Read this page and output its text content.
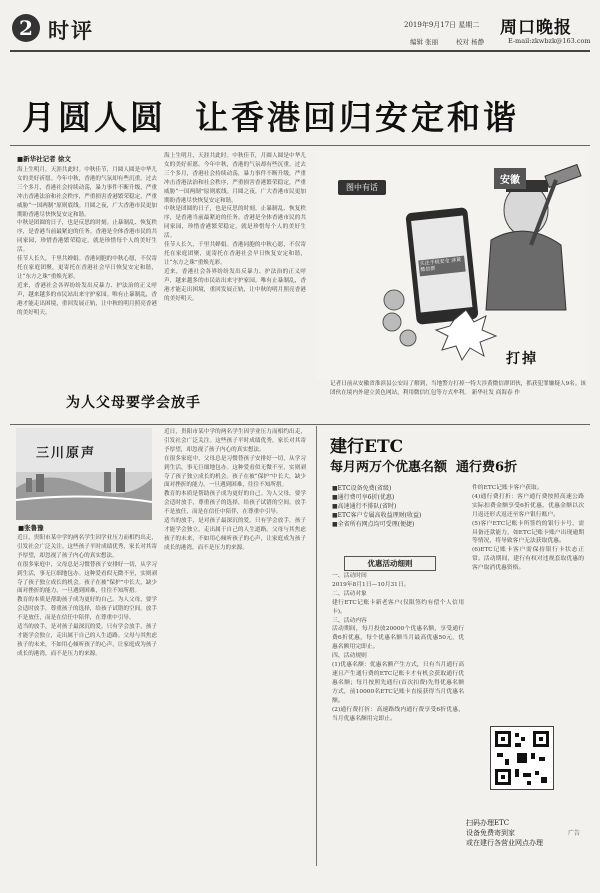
2 时评	2019年9月17日 星期二 周口晚报
编辑 张丽	校对 杨静	E-mail:zkwbzk@163.com
月圆人圆  让香港回归安定和谐
■新华社记者 徐文
海上生明月，天涯共此时。中秋佳节，月圆人圆是中华儿女的美好祈愿。今年中秋，香港的气氛却有些沉重。过去三个多月，香港社会持续动荡，暴力事件不断升级，严重冲击香港法治和社会秩序，严重损害香港繁荣稳定，严重威胁“一国两制”原则底线。月圆之夜，广大香港市民更加期盼香港尽快恢复安定和谐。
中秋是团圆的日子，也是反思的时刻。止暴制乱、恢复秩序，是香港当前最紧迫的任务。香港是全体香港市民的共同家园，珍惜香港繁荣稳定，就是珍惜每个人的美好生活。
佳节人长久，千里共婵娟。香港同胞的中秋心愿，不仅寄托在家庭团聚，更寄托在香港社会早日恢复安定和谐，让“东方之珠”重焕光彩。
近来，香港社会各界纷纷发出反暴力、护法治的正义呼声，越来越多的市民站出来守护家园。唯有止暴制乱，香港才能走出困境，重回发展正轨，让中秋的明月照亮香港的美好明天。
海上生明月，天涯共此时。中秋佳节，月圆人圆是中华儿女的美好祈愿。今年中秋，香港的气氛却有些沉重。过去三个多月，香港社会持续动荡，暴力事件不断升级，严重冲击香港法治和社会秩序，严重损害香港繁荣稳定，严重威胁“一国两制”原则底线。月圆之夜，广大香港市民更加期盼香港尽快恢复安定和谐。
中秋是团圆的日子，也是反思的时刻。止暴制乱、恢复秩序，是香港当前最紧迫的任务。香港是全体香港市民的共同家园，珍惜香港繁荣稳定，就是珍惜每个人的美好生活。
佳节人长久，千里共婵娟。香港同胞的中秋心愿，不仅寄托在家庭团聚，更寄托在香港社会早日恢复安定和谐，让“东方之珠”重焕光彩。
近来，香港社会各界纷纷发出反暴力、护法治的正义呼声，越来越多的市民站出来守护家园。唯有止暴制乱，香港才能走出困境，重回发展正轨，让中秋的明月照亮香港的美好明天。
图中有话
安徽
关注手机安全 涉黄微信群
打掉
记者日前从安徽省淮滨县公安局了解到，当地警方打掉一特大涉黄微信群团伙，抓获犯罪嫌疑人9名。该团伙在境内外建立黄色网站，利用微信红包等方式牟利。 新华社发 商海春 作
为人父母要学会放手
三川原声
■张鲁豫
近日，贵阳市某中学的两名学生因学业压力而相约出走，引发社会广泛关注。这些孩子平时成绩优秀，家长对其寄予厚望，却忽视了孩子内心的真实想法。
在很多家庭中，父母总是习惯替孩子安排好一切，从学习到生活，事无巨细地包办。这种爱看似无微不至，实则剥夺了孩子独立成长的机会。孩子在被“保护”中长大，缺少面对挫折的能力，一旦遇到困难，往往不知所措。
教育的本质是帮助孩子成为更好的自己。为人父母，要学会适时放手，尊重孩子的选择，给孩子试错的空间。放手不是放任，而是在信任中陪伴，在尊重中引导。
适当的放手，是对孩子最深沉的爱。只有学会放手，孩子才能学会独立，走出属于自己的人生道路。父母与其焦虑孩子的未来，不如用心倾听孩子的心声，让家庭成为孩子成长的港湾，而不是压力的来源。
近日，贵阳市某中学的两名学生因学业压力而相约出走，引发社会广泛关注。这些孩子平时成绩优秀，家长对其寄予厚望，却忽视了孩子内心的真实想法。
在很多家庭中，父母总是习惯替孩子安排好一切，从学习到生活，事无巨细地包办。这种爱看似无微不至，实则剥夺了孩子独立成长的机会。孩子在被“保护”中长大，缺少面对挫折的能力，一旦遇到困难，往往不知所措。
教育的本质是帮助孩子成为更好的自己。为人父母，要学会适时放手，尊重孩子的选择，给孩子试错的空间。放手不是放任，而是在信任中陪伴，在尊重中引导。
适当的放手，是对孩子最深沉的爱。只有学会放手，孩子才能学会独立，走出属于自己的人生道路。父母与其焦虑孩子的未来，不如用心倾听孩子的心声，让家庭成为孩子成长的港湾，而不是压力的来源。
建行ETC
每月两万个优惠名额  通行费6折
■ETC设备免费(省级)
■通行费可享6折(优惠)
■高速通行不排队(省时)
■ETC客户专属高收益理财(收益)
■全省所有网点均可受理(便捷)
优惠活动细则
一、活动时间
2019年8月1日—10月31日。
二、活动对象
建行ETC记账卡新老客户(仅限签约有偿个人信用卡)。
三、活动内容
活动期间，每月投放20000个优惠名额，享受通行费6折优惠，每个优惠名额当月最高优惠50元，优惠名额用完即止。
四、活动规则
(1)优惠名额：优惠名额产生方式，只有当月通行高速且产生通行费的ETC记账卡才有机会获取通行优惠名额；每月按照先通行(首次扣费)先得优惠名额方式，前10000名ETC记账卡直接获得当月优惠名额。
(2)通行费打折：高速路线内通行费享受6折优惠，当月优惠名额用完即止。
件的ETC记账卡客户获取。
(4)通行费打折：客户通行费按照高速公路实际扣费金额享受6折优惠，优惠金额以次月返还形式返还至客户银行账户。
(5)客户ETC记账卡所签约的银行卡号，需具备还款能力，如ETC记账卡账户出现逾期等情况，将导致客户无法获取优惠。
(6)ETC记账卡客户需保持银行卡状态正常。活动期间，建行有权对违规套取优惠的客户取消优惠资格。
扫码办理ETC
设备免费寄到家
或在建行各营业网点办理
广告
